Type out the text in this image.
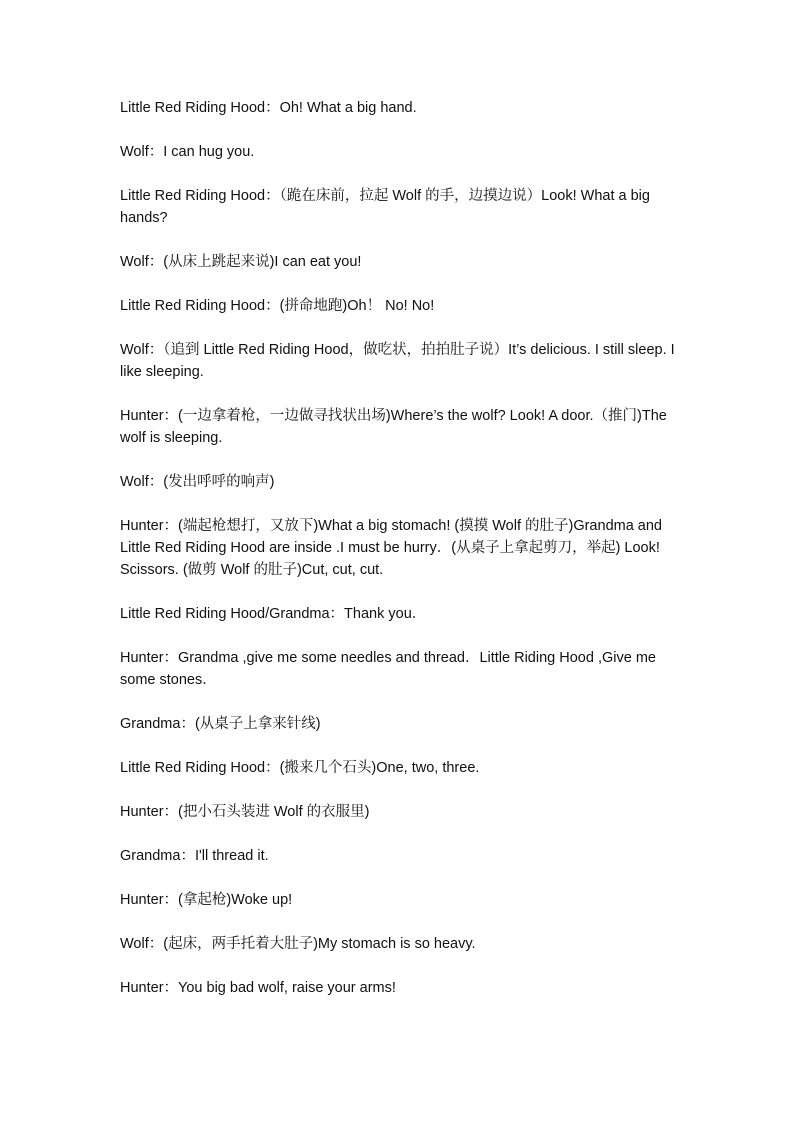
Little Red Riding Hood：Oh! What a big hand.

Wolf：I can hug you.

Little Red Riding Hood：（跪在床前，拉起 Wolf 的手，边摸边说）Look! What a big hands?

Wolf：(从床上跳起来说)I can eat you!

Little Red Riding Hood：(拼命地跑)Oh！ No! No!

Wolf：（追到 Little Red Riding Hood，做吃状，拍拍肚子说）It’s delicious. I still sleep. I like sleeping.

Hunter：(一边拿着枪，一边做寻找状出场)Where’s the wolf? Look! A door.（推门)The wolf is sleeping.

Wolf：(发出呼呼的响声)

Hunter：(端起枪想打，又放下)What a big stomach! (摸摸 Wolf 的肚子)Grandma and Little Red Riding Hood are inside .I must be hurry．(从桌子上拿起剪刀，举起) Look! Scissors. (做剪 Wolf 的肚子)Cut, cut, cut.

Little Red Riding Hood/Grandma：Thank you．

Hunter：Grandma ,give me some needles and thread．Little Riding Hood ,Give me some stones．

Grandma：(从桌子上拿来针线)

Little Red Riding Hood：(搬来几个石头)One, two, three.

Hunter：(把小石头装进 Wolf 的衣服里)

Grandma：I'll thread it.

Hunter：(拿起枪)Woke up!

Wolf：(起床，两手托着大肚子)My stomach is so heavy.

Hunter：You big bad wolf, raise your arms!
